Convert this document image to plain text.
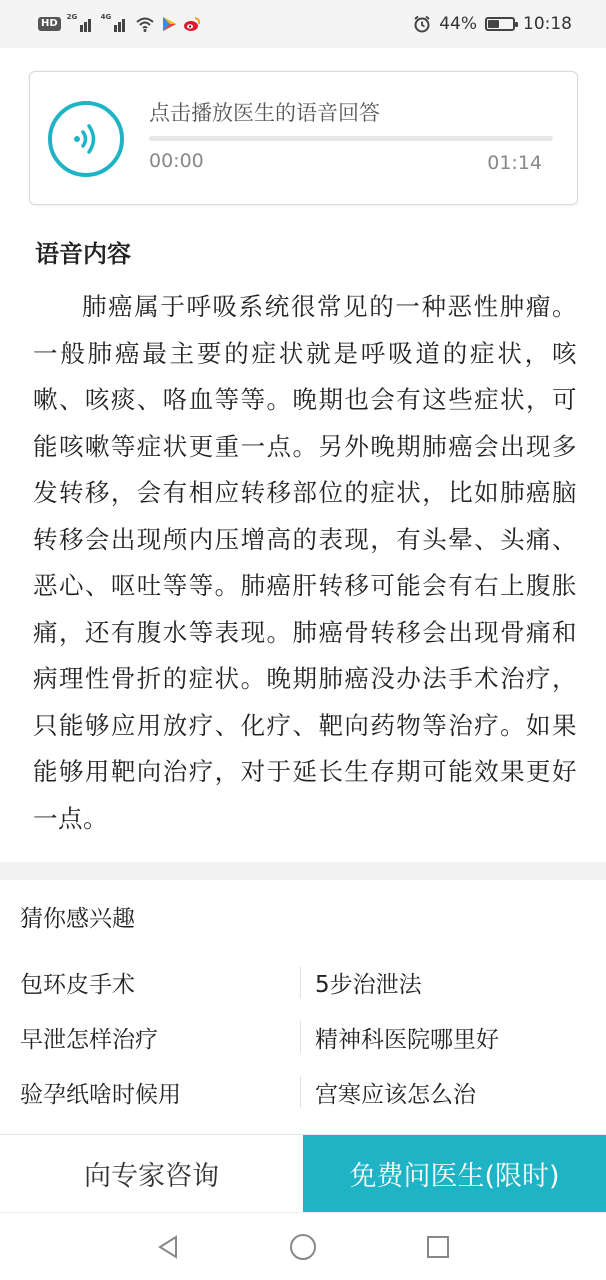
HD
2G	4G	44%	10:18
点击播放医生的语音回答
00:00	01:14
语音内容
肺癌属于呼吸系统很常见的一种恶性肿瘤。一般肺癌最主要的症状就是呼吸道的症状，咳嗽、咳痰、咯血等等。晚期也会有这些症状，可能咳嗽等症状更重一点。另外晚期肺癌会出现多发转移，会有相应转移部位的症状，比如肺癌脑转移会出现颅内压增高的表现，有头晕、头痛、恶心、呕吐等等。肺癌肝转移可能会有右上腹胀痛，还有腹水等表现。肺癌骨转移会出现骨痛和病理性骨折的症状。晚期肺癌没办法手术治疗，只能够应用放疗、化疗、靶向药物等治疗。如果能够用靶向治疗，对于延长生存期可能效果更好一点。
猜你感兴趣
包环皮手术	5步治泄法
早泄怎样治疗	精神科医院哪里好
验孕纸啥时候用	宫寒应该怎么治
向专家咨询	免费问医生(限时)
